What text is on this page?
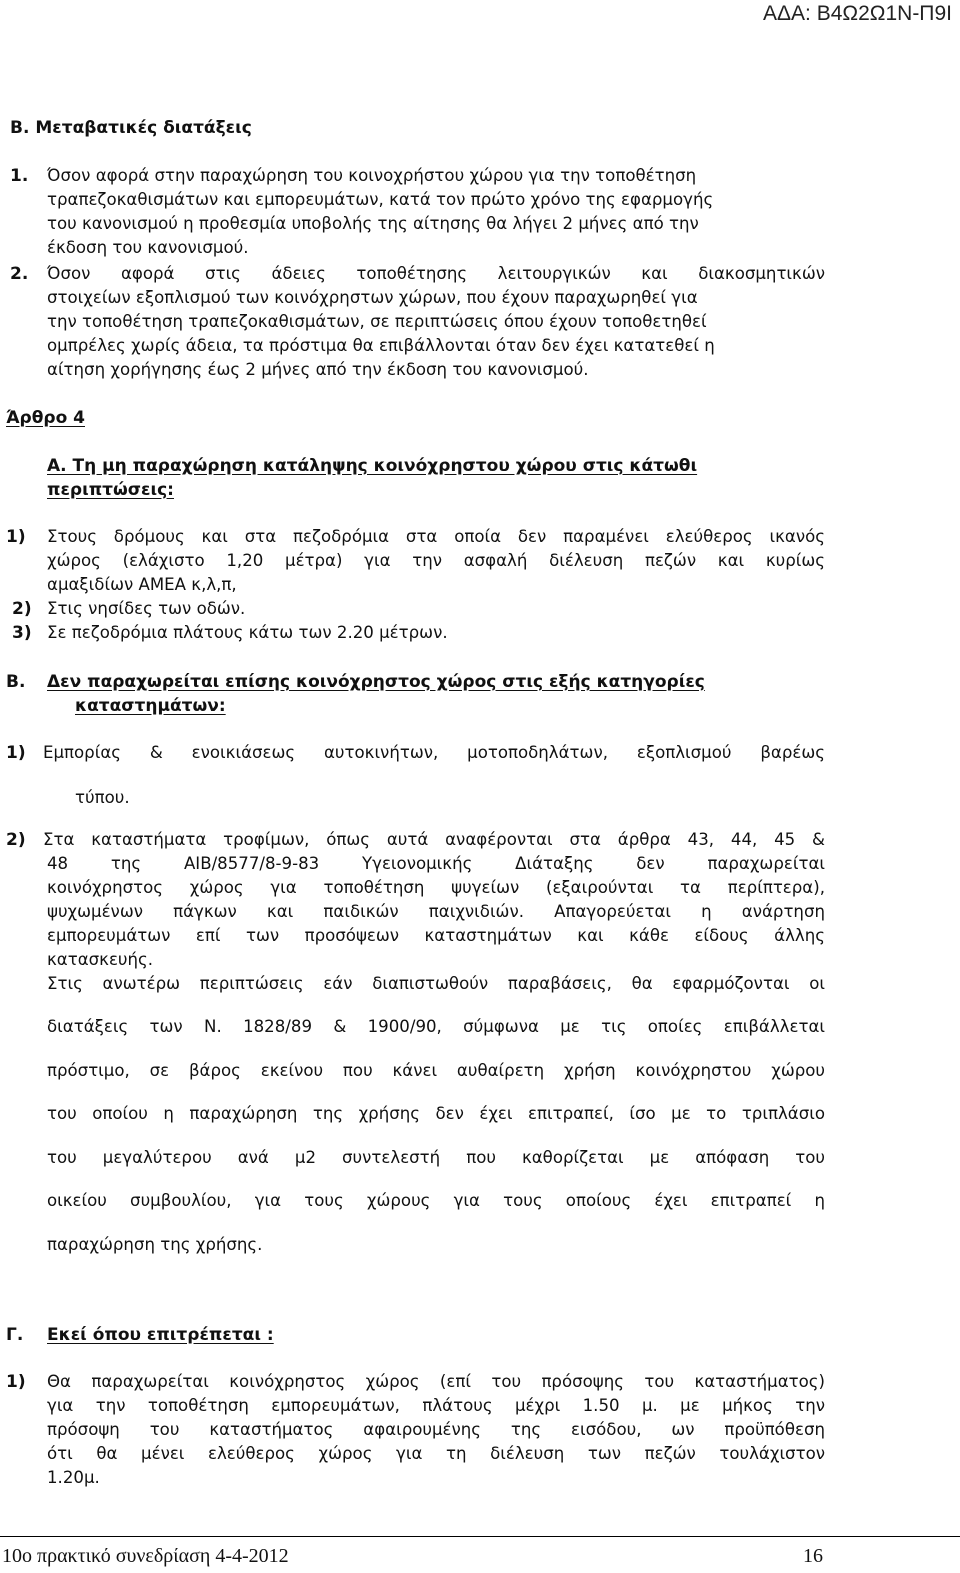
ΑΔΑ: Β4Ω2Ω1Ν-Π9Ι
Β. Μεταβατικές διατάξεις
1. Όσον αφορά στην παραχώρηση του κοινοχρήστου χώρου για την τοποθέτηση
τραπεζοκαθισμάτων και εμπορευμάτων, κατά τον πρώτο χρόνο της εφαρμογής
του κανονισμού η προθεσμία υποβολής της αίτησης θα λήγει 2 μήνες από την
έκδοση του κανονισμού.
2. Όσον αφορά στις άδειες τοποθέτησης λειτουργικών και διακοσμητικών
στοιχείων εξοπλισμού των κοινόχρηστων χώρων, που έχουν παραχωρηθεί για
την τοποθέτηση τραπεζοκαθισμάτων, σε περιπτώσεις όπου έχουν τοποθετηθεί
ομπρέλες χωρίς άδεια, τα πρόστιμα θα επιβάλλονται όταν δεν έχει κατατεθεί η
αίτηση χορήγησης έως 2 μήνες από την έκδοση του κανονισμού.
Άρθρο 4
Α. Τη μη παραχώρηση κατάληψης κοινόχρηστου χώρου στις κάτωθι
περιπτώσεις:
1) Στους δρόμους και στα πεζοδρόμια στα οποία δεν παραμένει ελεύθερος ικανός
χώρος (ελάχιστο 1,20 μέτρα) για την ασφαλή διέλευση πεζών και κυρίως
αμαξιδίων ΑΜΕΑ κ,λ,π,
2) Στις νησίδες των οδών.
3) Σε πεζοδρόμια πλάτους κάτω των 2.20 μέτρων.
Β. Δεν παραχωρείται επίσης κοινόχρηστος χώρος στις εξής κατηγορίες
καταστημάτων:
1) Εμπορίας & ενοικιάσεως αυτοκινήτων, μοτοποδηλάτων, εξοπλισμού βαρέως
τύπου.
2) Στα καταστήματα τροφίμων, όπως αυτά αναφέρονται στα άρθρα 43, 44, 45 &
48 της ΑΙΒ/8577/8-9-83 Υγειονομικής Διάταξης δεν παραχωρείται
κοινόχρηστος χώρος για τοποθέτηση ψυγείων (εξαιρούνται τα περίπτερα),
ψυχωμένων πάγκων και παιδικών παιχνιδιών. Απαγορεύεται η ανάρτηση
εμπορευμάτων επί των προσόψεων καταστημάτων και κάθε είδους άλλης
κατασκευής.
Στις ανωτέρω περιπτώσεις εάν διαπιστωθούν παραβάσεις, θα εφαρμόζονται οι
διατάξεις των Ν. 1828/89 & 1900/90, σύμφωνα με τις οποίες επιβάλλεται
πρόστιμο, σε βάρος εκείνου που κάνει αυθαίρετη χρήση κοινόχρηστου χώρου
του οποίου η παραχώρηση της χρήσης δεν έχει επιτραπεί, ίσο με το τριπλάσιο
του μεγαλύτερου ανά μ2 συντελεστή που καθορίζεται με απόφαση του
οικείου συμβουλίου, για τους χώρους για τους οποίους έχει επιτραπεί η
παραχώρηση της χρήσης.
Γ. Εκεί όπου επιτρέπεται :
1) Θα παραχωρείται κοινόχρηστος χώρος (επί του πρόσοψης του καταστήματος)
για την τοποθέτηση εμπορευμάτων, πλάτους μέχρι 1.50 μ. με μήκος την
πρόσοψη του καταστήματος αφαιρουμένης της εισόδου, ων προϋπόθεση
ότι θα μένει ελεύθερος χώρος για τη διέλευση των πεζών τουλάχιστον
1.20μ.
10ο πρακτικό συνεδρίαση 4-4-2012	16
